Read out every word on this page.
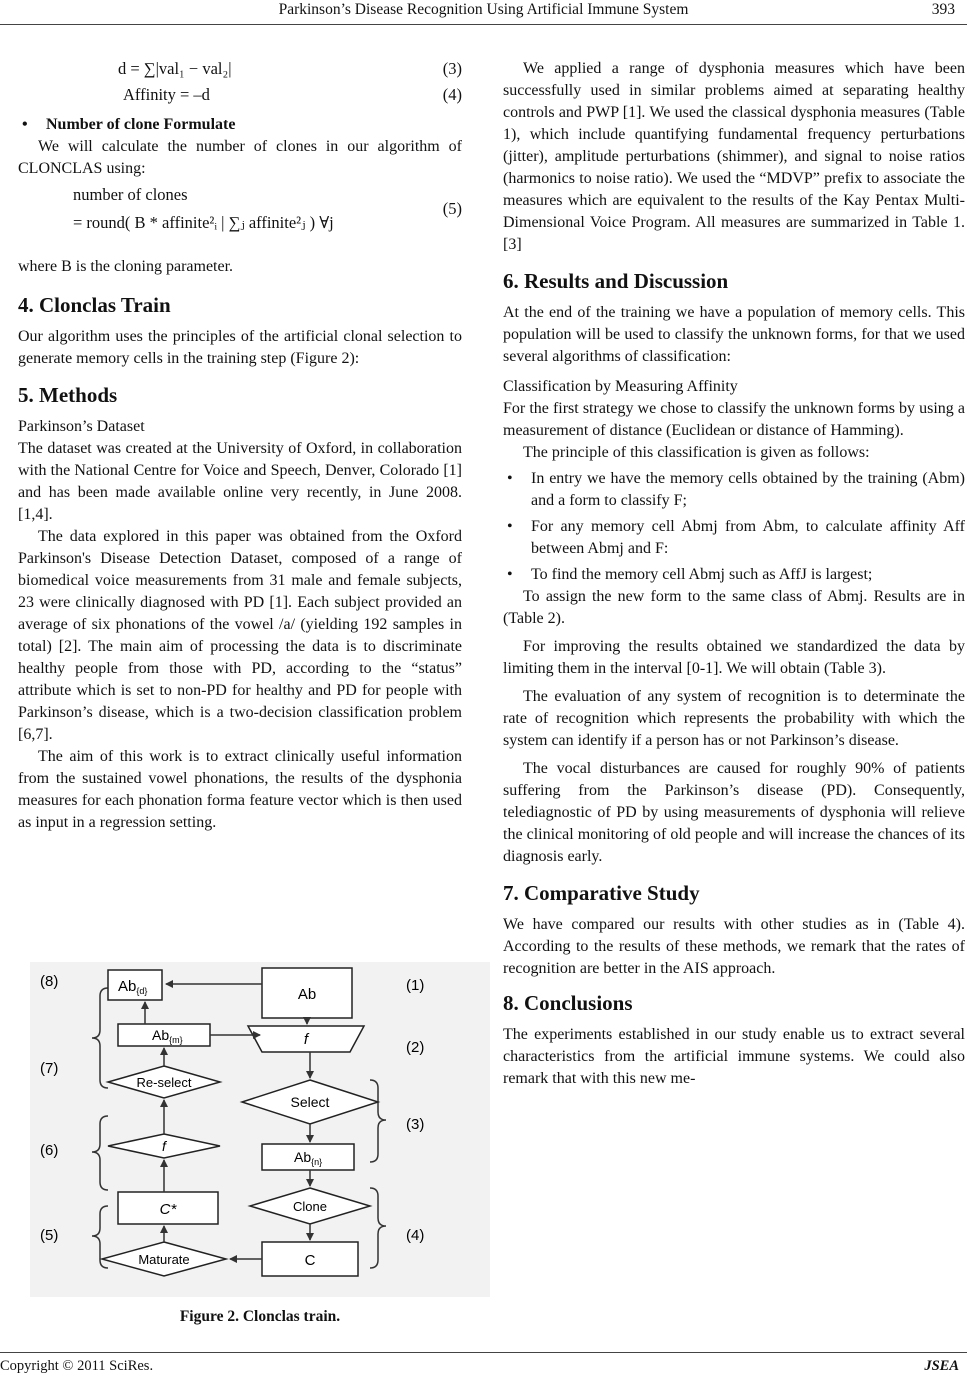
Parkinson’s Disease Recognition Using Artificial Immune System	393
d = ∑|val₁ − val₂|	(3)
Affinity = –d	(4)
• Number of clone Formulate

We will calculate the number of clones in our algorithm of CLONCLAS using:

number of clones
= round( B * affinite²ᵢ | ∑ⱼ affinite²ⱼ ) ∀j
(5)

where B is the cloning parameter.

4. Clonclas Train

Our algorithm uses the principles of the artificial clonal selection to generate memory cells in the training step (Figure 2):

5. Methods

Parkinson’s Dataset

The dataset was created at the University of Oxford, in collaboration with the National Centre for Voice and Speech, Denver, Colorado [1] and has been made available online very recently, in June 2008. [1,4].

The data explored in this paper was obtained from the Oxford Parkinson's Disease Detection Dataset, composed of a range of biomedical voice measurements from 31 male and female subjects, 23 were clinically diagnosed with PD [1]. Each subject provided an average of six phonations of the vowel /a/ (yielding 192 samples in total) [2]. The main aim of processing the data is to discriminate healthy people from those with PD, according to the “status” attribute which is set to non-PD for healthy and PD for people with Parkinson’s disease, which is a two-decision classification problem [6,7].

The aim of this work is to extract clinically useful information from the sustained vowel phonations, the results of the dysphonia measures for each phonation forma feature vector which is then used as input in a regression setting.

(8)	(1)
(2)
(7)
(3)
(6)
(5)	(4)
$Ab_{\{d\}}$	Ab
$Ab_{\{m\}}$	f
Re-select
Select
f
$Ab_{\{n\}}$
C*	Clone
Maturate	C
Figure 2. Clonclas train.

We applied a range of dysphonia measures which have been successfully used in similar problems aimed at separating healthy controls and PWP [1]. We used the classical dysphonia measures (Table 1), which include quantifying fundamental frequency perturbations (jitter), amplitude perturbations (shimmer), and signal to noise ratios (harmonics to noise ratio). We used the “MDVP” prefix to associate the measures which are equivalent to the results of the Kay Pentax Multi-Dimensional Voice Program. All measures are summarized in Table 1. [3]

6. Results and Discussion

At the end of the training we have a population of memory cells. This population will be used to classify the unknown forms, for that we used several algorithms of classification:

Classification by Measuring Affinity

For the first strategy we chose to classify the unknown forms by using a measurement of distance (Euclidean or distance of Hamming).

The principle of this classification is given as follows:

• In entry we have the memory cells obtained by the training (Abm) and a form to classify F;
• For any memory cell Abmj from Abm, to calculate affinity Aff between Abmj and F:
• To find the memory cell Abmj such as AffJ is largest;

To assign the new form to the same class of Abmj. Results are in (Table 2).

For improving the results obtained we standardized the data by limiting them in the interval [0-1]. We will obtain (Table 3).

The evaluation of any system of recognition is to determinate the rate of recognition which represents the probability with which the system can identify if a person has or not Parkinson’s disease.

The vocal disturbances are caused for roughly 90% of patients suffering from the Parkinson’s disease (PD). Consequently, telediagnostic of PD by using measurements of dysphonia will relieve the clinical monitoring of old people and will increase the chances of its diagnosis early.

7. Comparative Study

We have compared our results with other studies as in (Table 4). According to the results of these methods, we remark that the rates of recognition are better in the AIS approach.

8. Conclusions

The experiments established in our study enable us to extract several characteristics from the artificial immune systems. We could also remark that with this new me-

Copyright © 2011 SciRes.	JSEA
